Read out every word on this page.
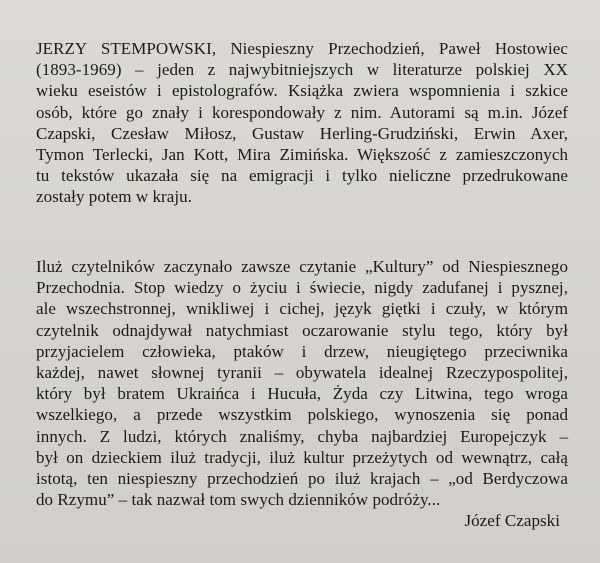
JERZY STEMPOWSKI, Niespieszny Przechodzień, Paweł Hostowiec
(1893-1969) – jeden z najwybitniejszych w literaturze polskiej XX
wieku eseistów i epistolografów. Książka zwiera wspomnienia i szkice
osób, które go znały i korespondowały z nim. Autorami są m.in. Józef
Czapski, Czesław Miłosz, Gustaw Herling-Grudziński, Erwin Axer,
Tymon Terlecki, Jan Kott, Mira Zimińska. Większość z zamieszczonych
tu tekstów ukazała się na emigracji i tylko nieliczne przedrukowane
zostały potem w kraju.
Iluż czytelników zaczynało zawsze czytanie „Kultury” od Niespiesznego
Przechodnia. Stop wiedzy o życiu i świecie, nigdy zadufanej i pysznej,
ale wszechstronnej, wnikliwej i cichej, język giętki i czuły, w którym
czytelnik odnajdywał natychmiast oczarowanie stylu tego, który był
przyjacielem człowieka, ptaków i drzew, nieugiętego przeciwnika
każdej, nawet słownej tyranii – obywatela idealnej Rzeczypospolitej,
który był bratem Ukraińca i Hucuła, Żyda czy Litwina, tego wroga
wszelkiego, a przede wszystkim polskiego, wynoszenia się ponad
innych. Z ludzi, których znaliśmy, chyba najbardziej Europejczyk –
był on dzieckiem iluż tradycji, iluż kultur przeżytych od wewnątrz, całą
istotą, ten niespieszny przechodzień po iluż krajach – „od Berdyczowa
do Rzymu” – tak nazwał tom swych dzienników podróży...
Józef Czapski
